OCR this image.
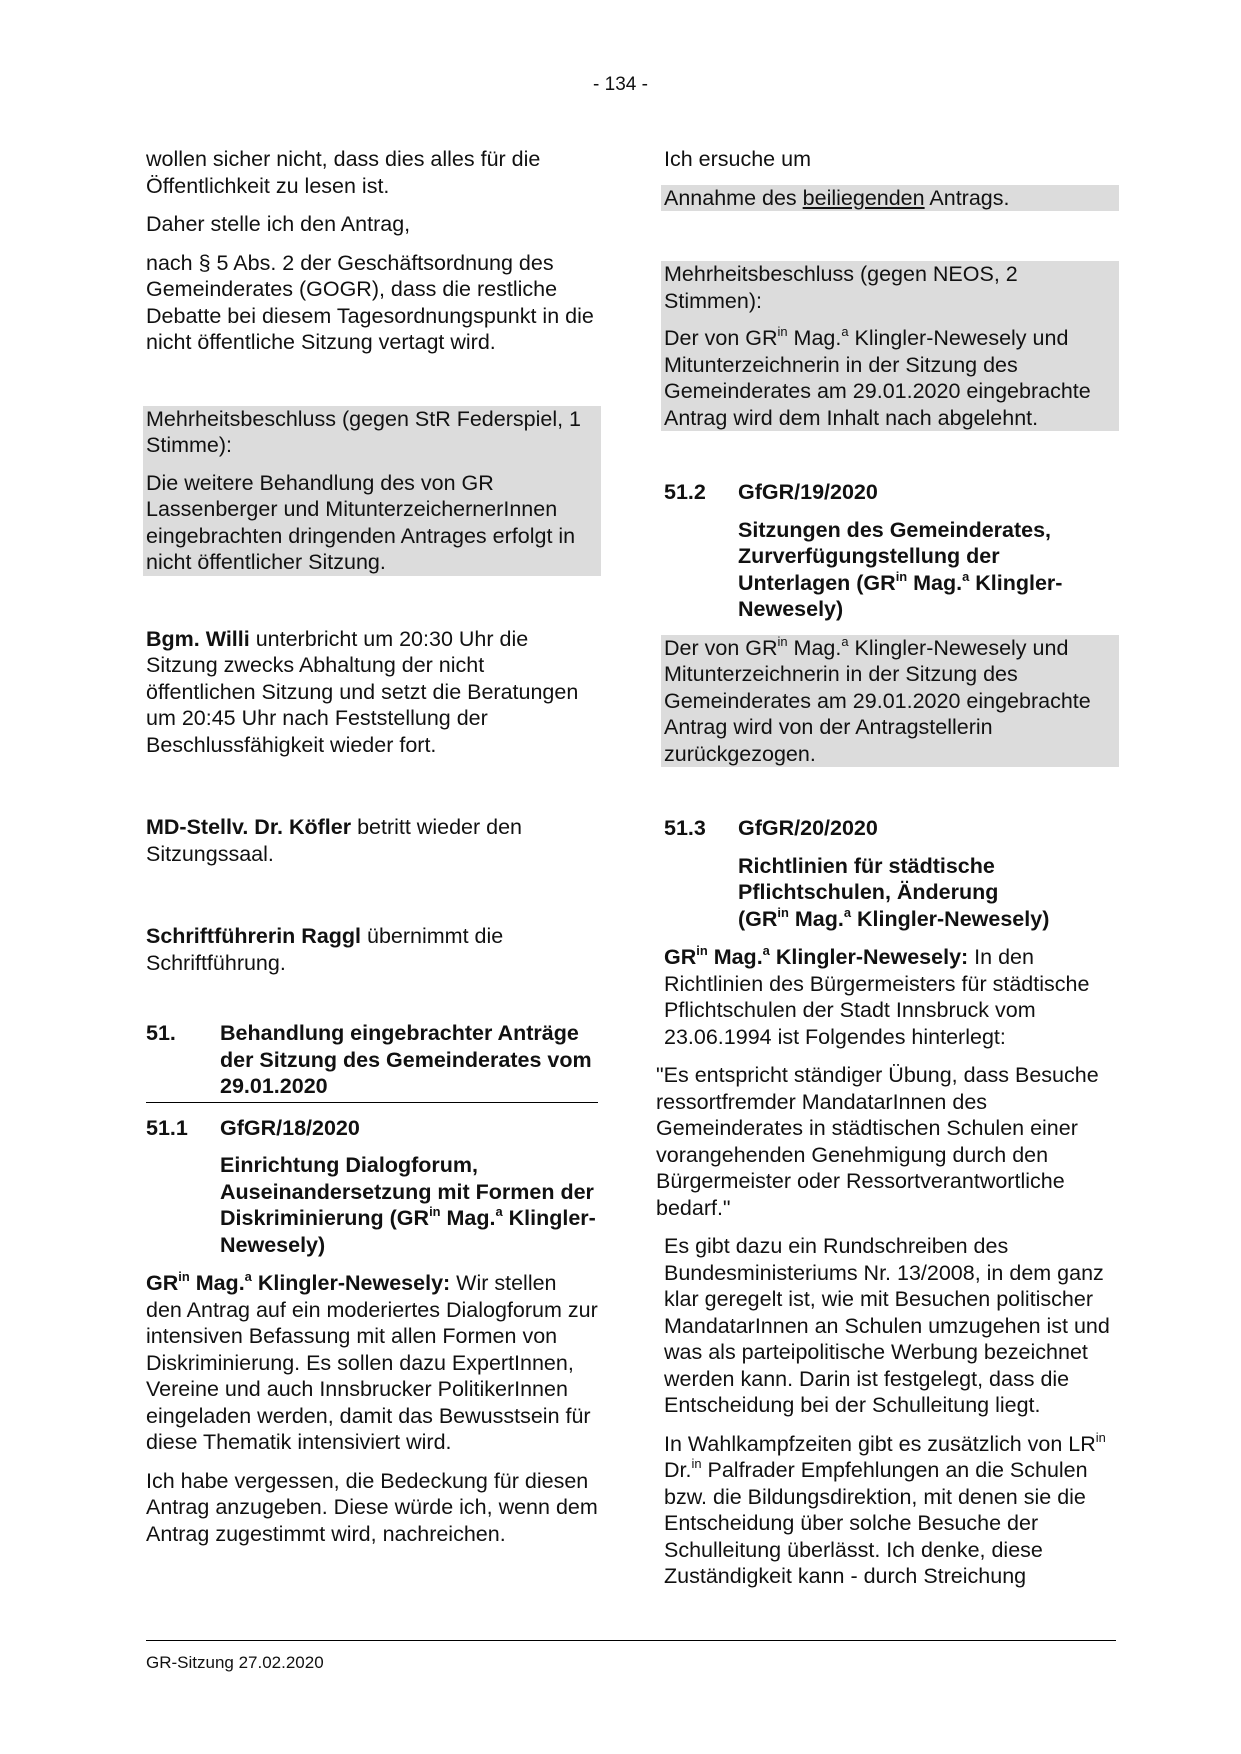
- 134 -

wollen sicher nicht, dass dies alles für die Öffentlichkeit zu lesen ist.

Daher stelle ich den Antrag,

nach § 5 Abs. 2 der Geschäftsordnung des Gemeinderates (GOGR), dass die restliche Debatte bei diesem Tagesordnungspunkt in die nicht öffentliche Sitzung vertagt wird.

Mehrheitsbeschluss (gegen StR Federspiel, 1 Stimme):

Die weitere Behandlung des von GR Lassenberger und MitunterzeichernerInnen eingebrachten dringenden Antrages erfolgt in nicht öffentlicher Sitzung.

Bgm. Willi unterbricht um 20:30 Uhr die Sitzung zwecks Abhaltung der nicht öffentlichen Sitzung und setzt die Beratungen um 20:45 Uhr nach Feststellung der Beschlussfähigkeit wieder fort.

MD-Stellv. Dr. Köfler betritt wieder den Sitzungssaal.

Schriftführerin Raggl übernimmt die Schriftführung.

51.	Behandlung eingebrachter Anträge der Sitzung des Gemeinderates vom 29.01.2020
51.1	GfGR/18/2020
Einrichtung Dialogforum, Auseinandersetzung mit Formen der Diskriminierung ($GR^{in}$ Mag.$^a$ Klingler-Newesely)

$GR^{in}$ Mag.$^a$ Klingler-Newesely: Wir stellen den Antrag auf ein moderiertes Dialogforum zur intensiven Befassung mit allen Formen von Diskriminierung. Es sollen dazu ExpertInnen, Vereine und auch Innsbrucker PolitikerInnen eingeladen werden, damit das Bewusstsein für diese Thematik intensiviert wird.

Ich habe vergessen, die Bedeckung für diesen Antrag anzugeben. Diese würde ich, wenn dem Antrag zugestimmt wird, nachreichen.

Ich ersuche um

Annahme des beiliegenden Antrags.

Mehrheitsbeschluss (gegen NEOS, 2 Stimmen):

Der von $GR^{in}$ Mag.$^a$ Klingler-Newesely und Mitunterzeichnerin in der Sitzung des Gemeinderates am 29.01.2020 eingebrachte Antrag wird dem Inhalt nach abgelehnt.

51.2	GfGR/19/2020
Sitzungen des Gemeinderates, Zurverfügungstellung der Unterlagen ($GR^{in}$ Mag.$^a$ Klingler-Newesely)

Der von $GR^{in}$ Mag.$^a$ Klingler-Newesely und Mitunterzeichnerin in der Sitzung des Gemeinderates am 29.01.2020 eingebrachte Antrag wird von der Antragstellerin zurückgezogen.

51.3	GfGR/20/2020
Richtlinien für städtische Pflichtschulen, Änderung
($GR^{in}$ Mag.$^a$ Klingler-Newesely)

$GR^{in}$ Mag.$^a$ Klingler-Newesely: In den Richtlinien des Bürgermeisters für städtische Pflichtschulen der Stadt Innsbruck vom 23.06.1994 ist Folgendes hinterlegt:

"Es entspricht ständiger Übung, dass Besuche ressortfremder MandatarInnen des Gemeinderates in städtischen Schulen einer vorangehenden Genehmigung durch den Bürgermeister oder Ressortverantwortliche bedarf."

Es gibt dazu ein Rundschreiben des Bundesministeriums Nr. 13/2008, in dem ganz klar geregelt ist, wie mit Besuchen politischer MandatarInnen an Schulen umzugehen ist und was als parteipolitische Werbung bezeichnet werden kann. Darin ist festgelegt, dass die Entscheidung bei der Schulleitung liegt.

In Wahlkampfzeiten gibt es zusätzlich von $LR^{in}$ Dr.$^{in}$ Palfrader Empfehlungen an die Schulen bzw. die Bildungsdirektion, mit denen sie die Entscheidung über solche Besuche der Schulleitung überlässt. Ich denke, diese Zuständigkeit kann - durch Streichung

GR-Sitzung 27.02.2020
